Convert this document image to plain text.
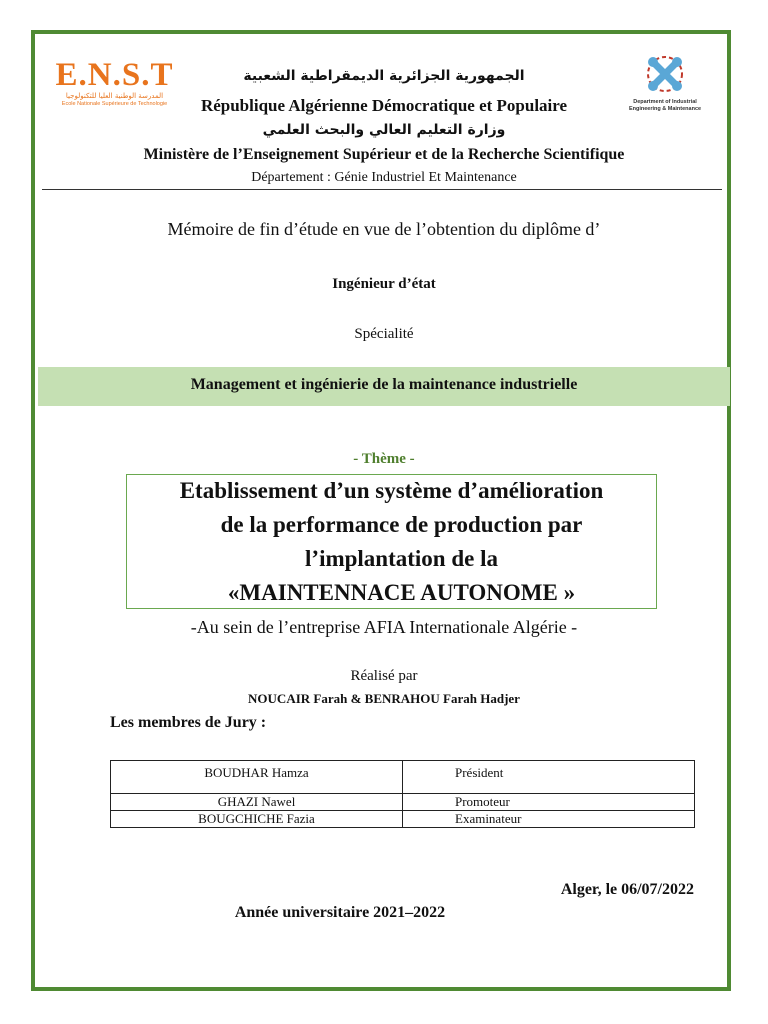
E.N.S.T
المدرسة الوطنية العليا للتكنولوجيا
Ecole Nationale Supérieure de Technologie	Department of Industrial
Engineering & Maintenance
الجمهورية الجزائرية الديمقراطية الشعبية
République Algérienne Démocratique et Populaire
وزارة التعليم العالي والبحث العلمي
Ministère de l’Enseignement Supérieur et de la Recherche Scientifique
Département : Génie Industriel Et Maintenance
Mémoire de fin d’étude en vue de l’obtention du diplôme d’
Ingénieur d’état
Spécialité
Management et ingénierie de la maintenance industrielle
- Thème -
Etablissement d’un système d’amélioration
de la performance de production par
l’implantation de la
«MAINTENNACE AUTONOME »
-Au sein de l’entreprise AFIA Internationale Algérie -
Réalisé par
NOUCAIR Farah & BENRAHOU Farah Hadjer
Les membres de Jury :
BOUDHAR Hamza	Président
GHAZI Nawel	Promoteur
BOUGCHICHE Fazia	Examinateur
Alger, le 06/07/2022
Année universitaire 2021–2022
